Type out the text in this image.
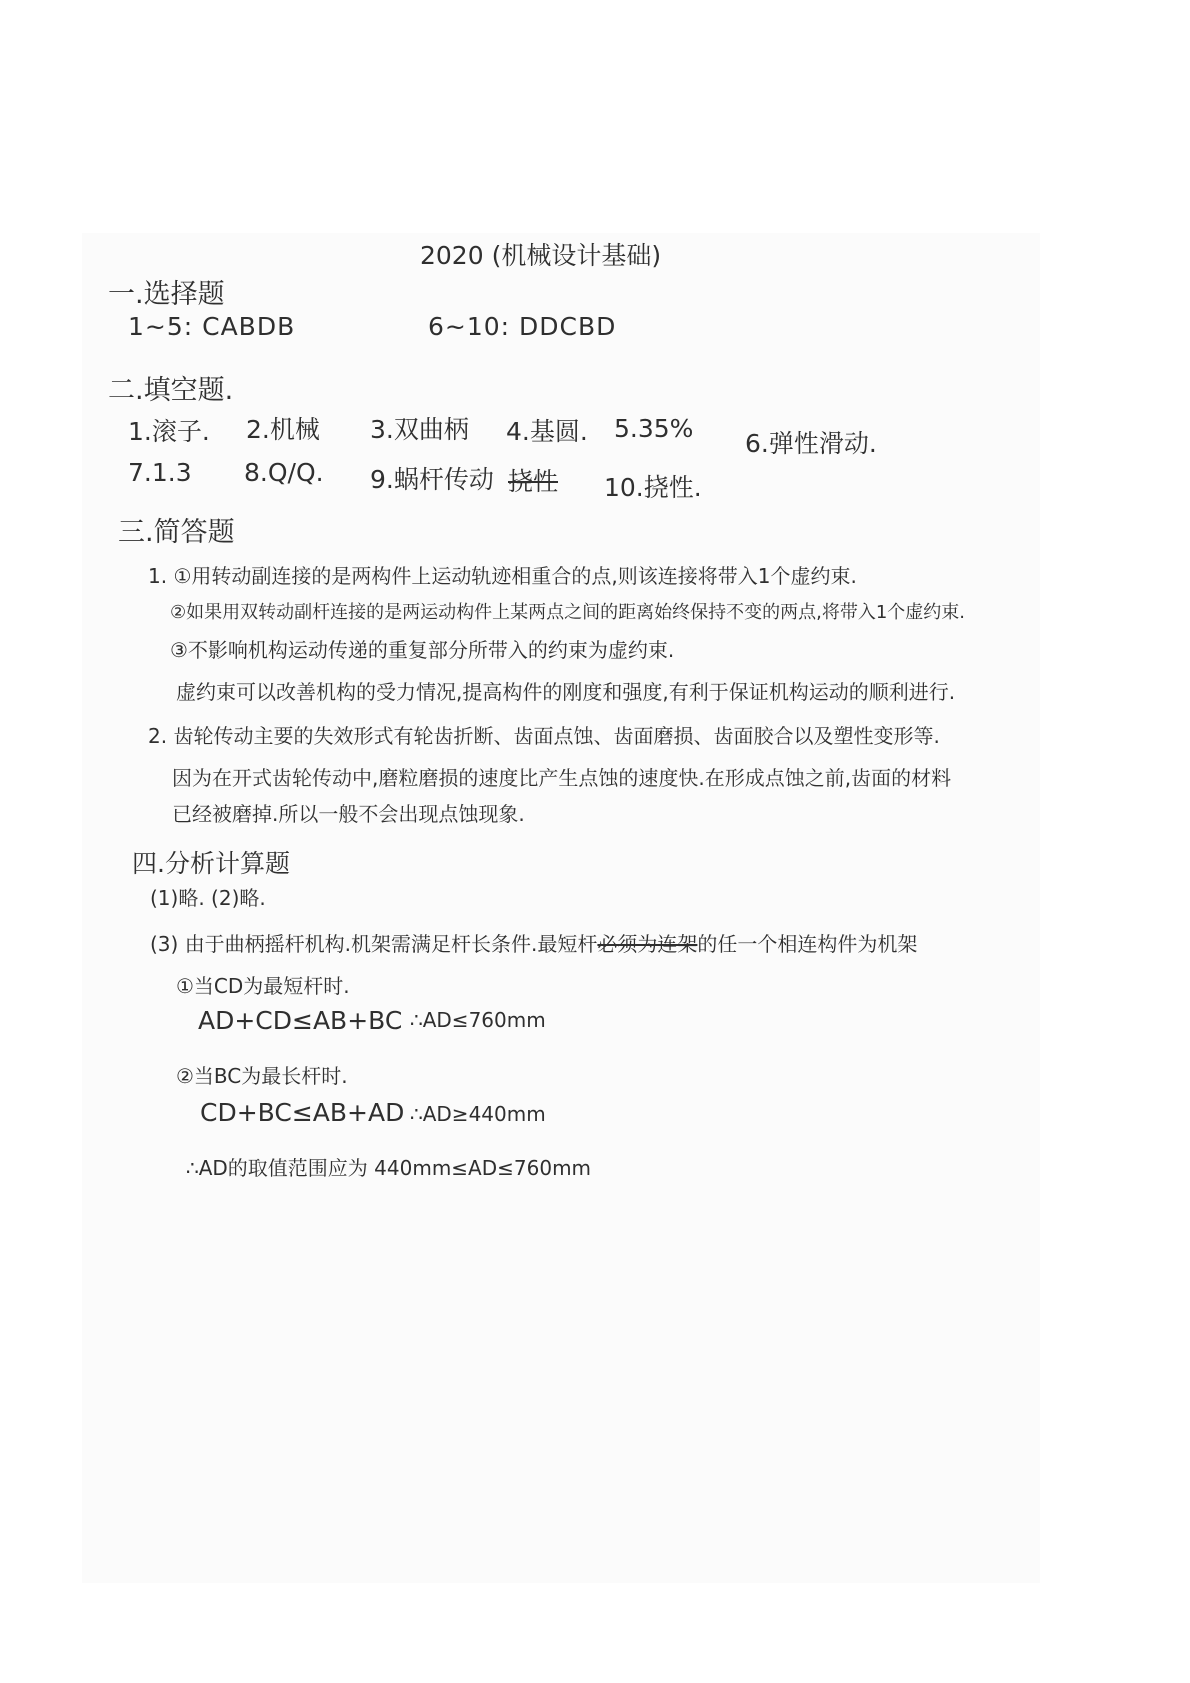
2020 (机械设计基础)
一.选择题
1~5: CABDB	6~10: DDCBD
二.填空题.
1.滚子. 2.机械 3.双曲柄 4.基圆. 5.35%
6.弹性滑动.
7.1.3 8.Q/Q. 9.蜗杆传动 挠性 10.挠性.
三.简答题
1. ①用转动副连接的是两构件上运动轨迹相重合的点,则该连接将带入1个虚约束.
②如果用双转动副杆连接的是两运动构件上某两点之间的距离始终保持不变的两点,将带入1个虚约束.
③不影响机构运动传递的重复部分所带入的约束为虚约束.
虚约束可以改善机构的受力情况,提高构件的刚度和强度,有利于保证机构运动的顺利进行.
2. 齿轮传动主要的失效形式有轮齿折断、齿面点蚀、齿面磨损、齿面胶合以及塑性变形等.
因为在开式齿轮传动中,磨粒磨损的速度比产生点蚀的速度快.在形成点蚀之前,齿面的材料
已经被磨掉.所以一般不会出现点蚀现象.
四.分析计算题
(1)略. (2)略.
(3) 由于曲柄摇杆机构.机架需满足杆长条件.最短杆必须为连架的任一个相连构件为机架
①当CD为最短杆时.
AD+CD≤AB+BC ∴AD≤760mm
②当BC为最长杆时.
CD+BC≤AB+AD ∴AD≥440mm
∴AD的取值范围应为 440mm≤AD≤760mm
